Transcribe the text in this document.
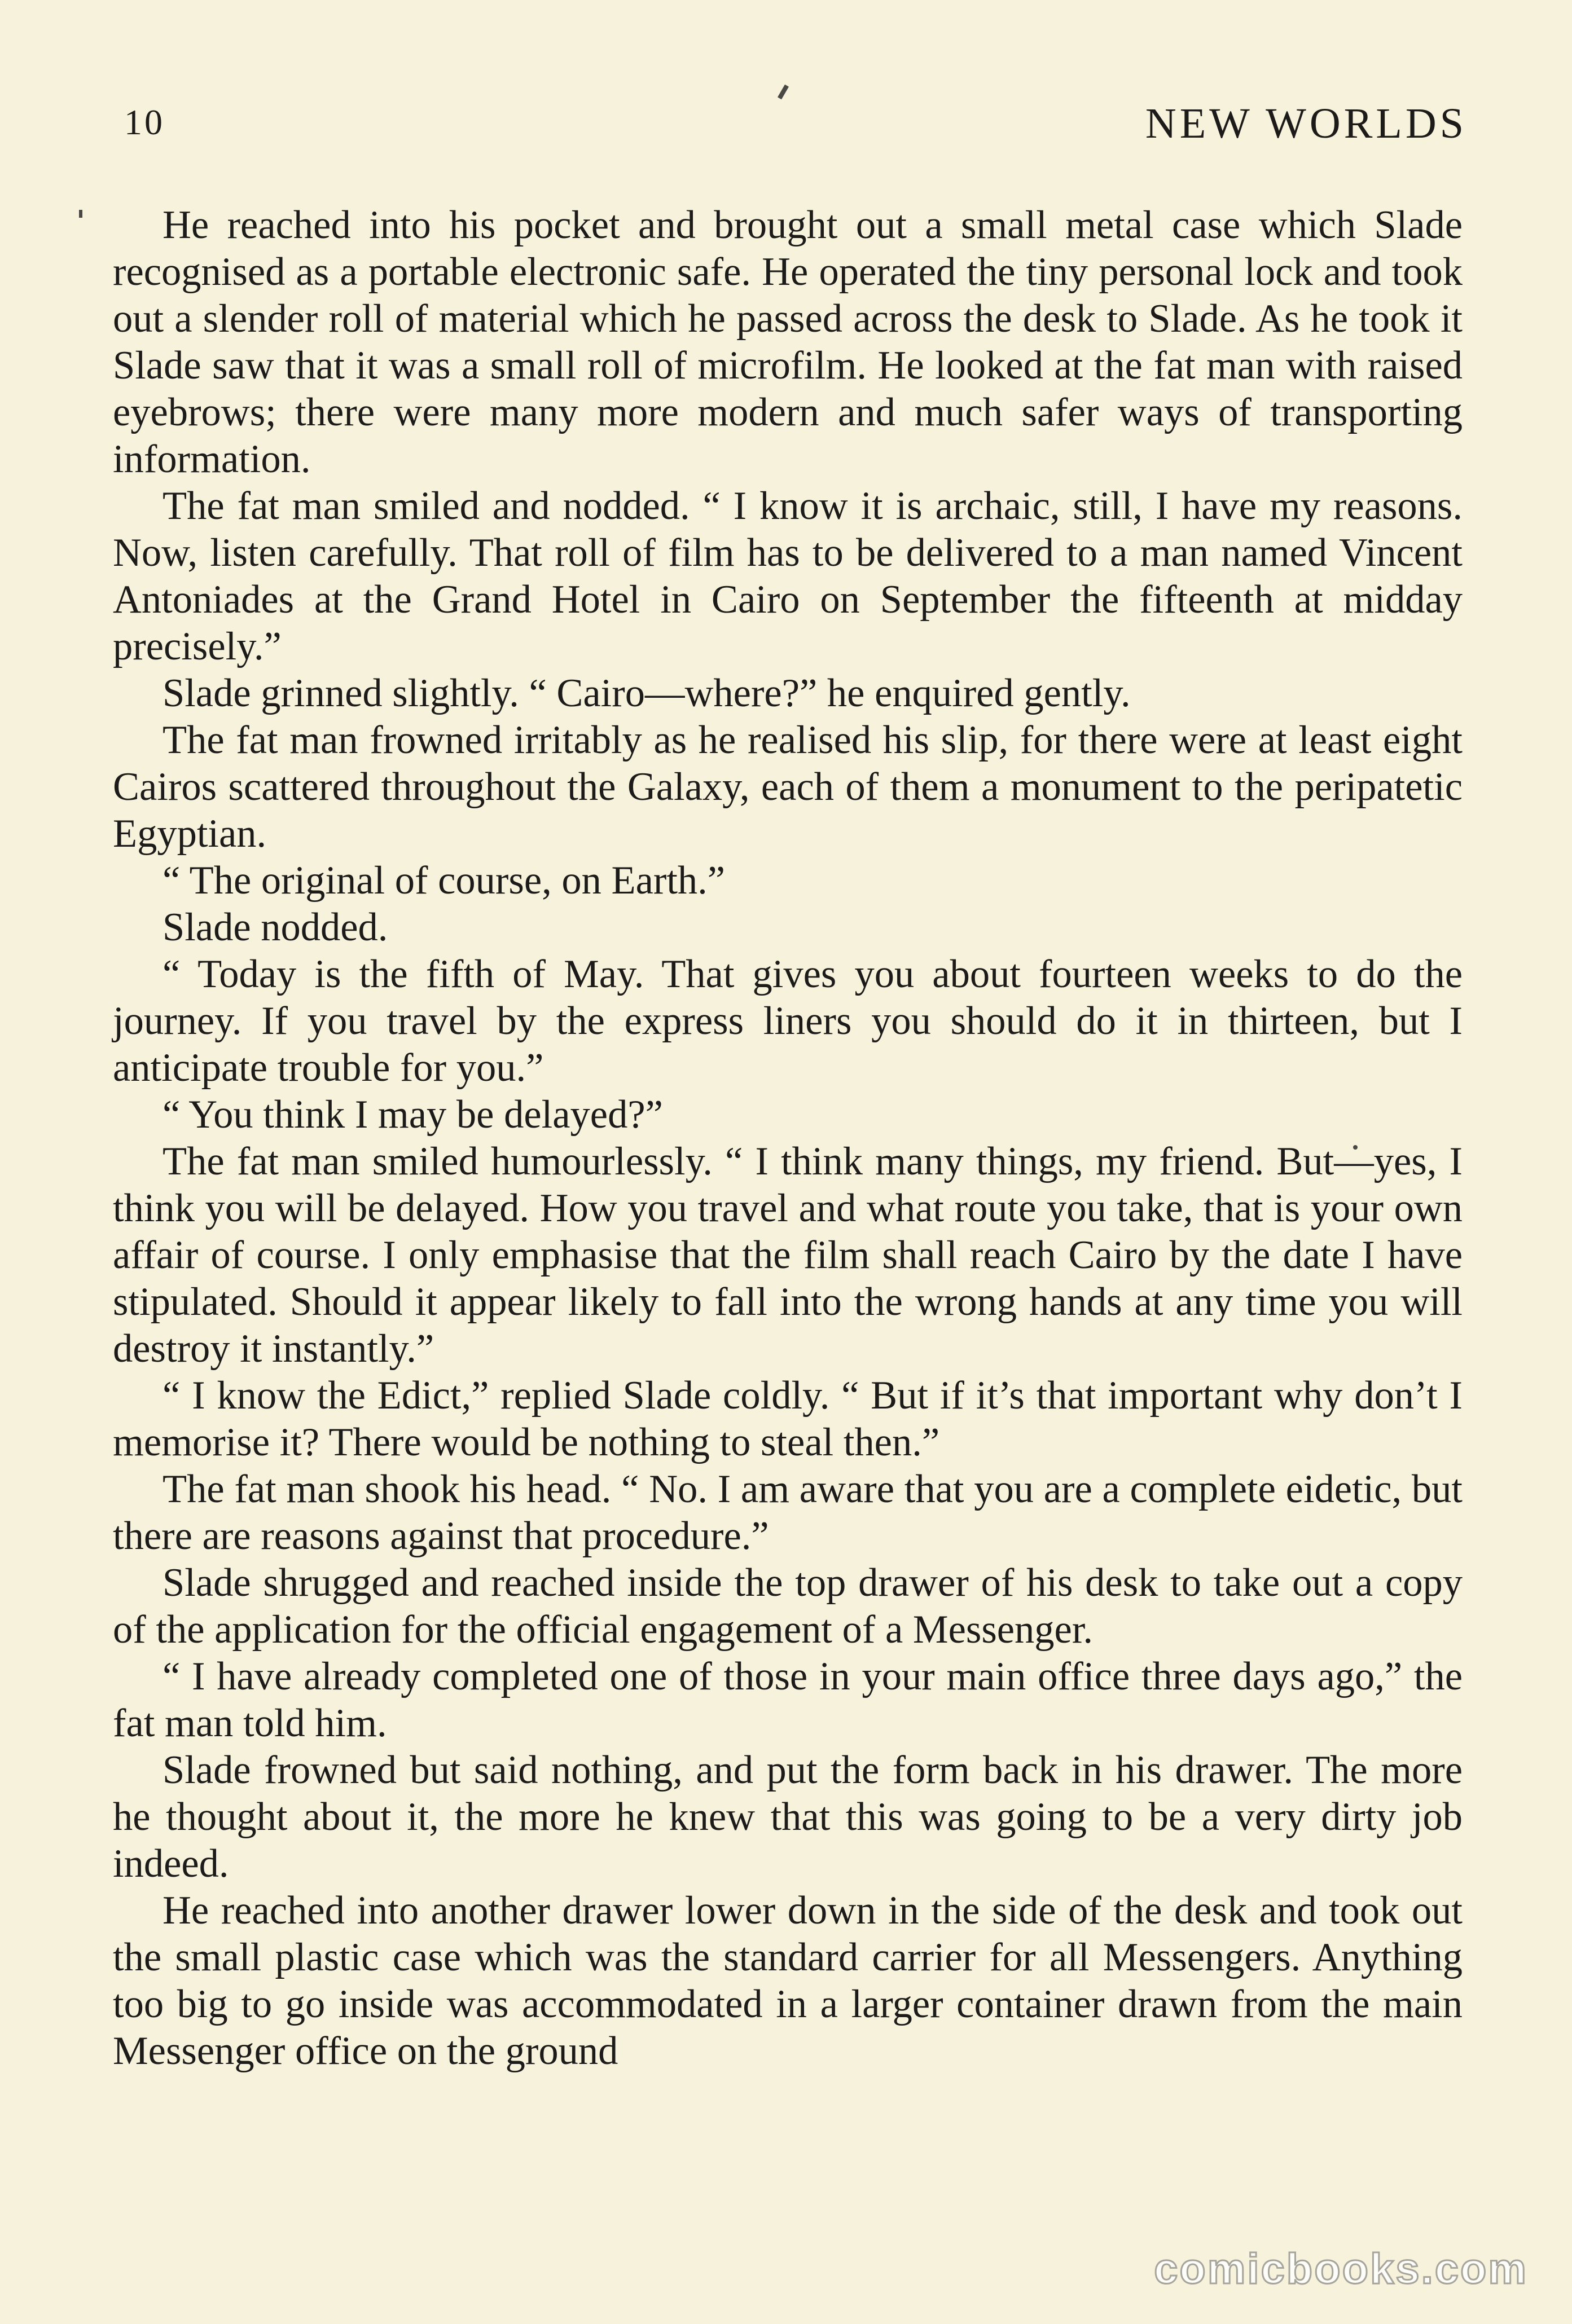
10	NEW WORLDS

He reached into his pocket and brought out a small metal case which Slade recognised as a portable electronic safe. He operated the tiny personal lock and took out a slender roll of material which he passed across the desk to Slade. As he took it Slade saw that it was a small roll of microfilm. He looked at the fat man with raised eyebrows; there were many more modern and much safer ways of transporting information.

The fat man smiled and nodded. “ I know it is archaic, still, I have my reasons. Now, listen carefully. That roll of film has to be delivered to a man named Vincent Antoniades at the Grand Hotel in Cairo on September the fifteenth at midday precisely.”

Slade grinned slightly. “ Cairo—where?” he enquired gently.

The fat man frowned irritably as he realised his slip, for there were at least eight Cairos scattered throughout the Galaxy, each of them a monument to the peripatetic Egyptian.

“ The original of course, on Earth.”

Slade nodded.

“ Today is the fifth of May. That gives you about fourteen weeks to do the journey. If you travel by the express liners you should do it in thirteen, but I anticipate trouble for you.”

“ You think I may be delayed?”

The fat man smiled humourlessly. “ I think many things, my friend. But—yes, I think you will be delayed. How you travel and what route you take, that is your own affair of course. I only emphasise that the film shall reach Cairo by the date I have stipulated. Should it appear likely to fall into the wrong hands at any time you will destroy it instantly.”

“ I know the Edict,” replied Slade coldly. “ But if it’s that important why don’t I memorise it? There would be nothing to steal then.”

The fat man shook his head. “ No. I am aware that you are a complete eidetic, but there are reasons against that procedure.”

Slade shrugged and reached inside the top drawer of his desk to take out a copy of the application for the official engagement of a Messenger.

“ I have already completed one of those in your main office three days ago,” the fat man told him.

Slade frowned but said nothing, and put the form back in his drawer. The more he thought about it, the more he knew that this was going to be a very dirty job indeed.

He reached into another drawer lower down in the side of the desk and took out the small plastic case which was the standard carrier for all Messengers. Anything too big to go inside was accommodated in a larger container drawn from the main Messenger office on the ground

comicbooks.com
